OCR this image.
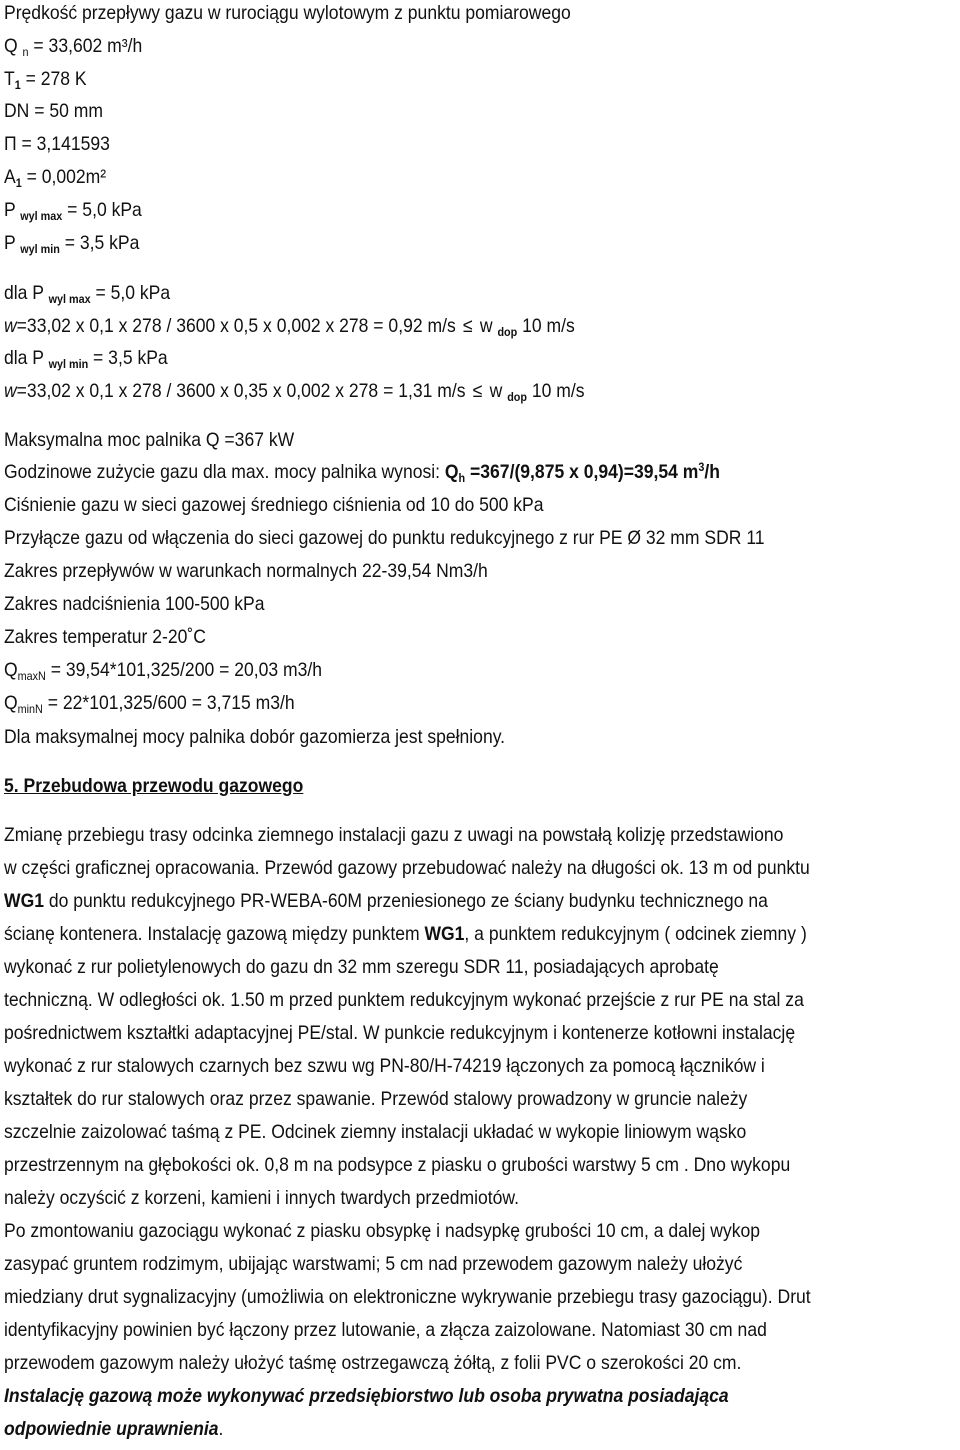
Prędkość przepływy gazu w rurociągu wylotowym z punktu pomiarowego
Q $_n$ = 33,602 m³/h
$T_1 = 278$ K
DN = 50 mm
Π = 3,141593
$A_1 = 0,002m^2$
P $_{wyl max}$ = 5,0 kPa
P $_{wyl min}$ = 3,5 kPa
dla P $_{wyl max}$ = 5,0 kPa
w=33,02 x 0,1 x 278 / 3600 x 0,5 x 0,002 x 278 = 0,92 m/s ≤ w $_{dop}$ 10 m/s
dla P $_{wyl min}$ = 3,5 kPa
w=33,02 x 0,1 x 278 / 3600 x 0,35 x 0,002 x 278 = 1,31 m/s ≤ w $_{dop}$ 10 m/s
Maksymalna moc palnika Q =367 kW
Godzinowe zużycie gazu dla max. mocy palnika wynosi: $Q_h =367/(9,875$ x 0,94)=39,54 $m^3/h$
Ciśnienie gazu w sieci gazowej średniego ciśnienia od 10 do 500 kPa
Przyłącze gazu od włączenia do sieci gazowej do punktu redukcyjnego z rur PE Ø 32 mm SDR 11
Zakres przepływów w warunkach normalnych 22-39,54 Nm3/h
Zakres nadciśnienia 100-500 kPa
Zakres temperatur 2-20˚C
$Q_{maxN} = 39,54*101,325/200 = 20,03$ m3/h
$Q_{minN} = 22*101,325/600 = 3,715$ m3/h
Dla maksymalnej mocy palnika dobór gazomierza jest spełniony.
5. Przebudowa przewodu gazowego
Zmianę przebiegu trasy odcinka ziemnego instalacji gazu z uwagi na powstałą kolizję przedstawiono
w części graficznej opracowania. Przewód gazowy przebudować należy na długości ok. 13 m od punktu
WG1 do punktu redukcyjnego PR-WEBA-60M przeniesionego ze ściany budynku technicznego na
ścianę kontenera. Instalację gazową między punktem WG1, a punktem redukcyjnym ( odcinek ziemny )
wykonać z rur polietylenowych do gazu dn 32 mm szeregu SDR 11, posiadających aprobatę
techniczną. W odległości ok. 1.50 m przed punktem redukcyjnym wykonać przejście z rur PE na stal za
pośrednictwem kształtki adaptacyjnej PE/stal. W punkcie redukcyjnym i kontenerze kotłowni instalację
wykonać z rur stalowych czarnych bez szwu wg PN-80/H-74219 łączonych za pomocą łączników i
kształtek do rur stalowych oraz przez spawanie. Przewód stalowy prowadzony w gruncie należy
szczelnie zaizolować taśmą z PE. Odcinek ziemny instalacji układać w wykopie liniowym wąsko
przestrzennym na głębokości ok. 0,8 m na podsypce z piasku o grubości warstwy 5 cm . Dno wykopu
należy oczyścić z korzeni, kamieni i innych twardych przedmiotów.
Po zmontowaniu gazociągu wykonać z piasku obsypkę i nadsypkę grubości 10 cm, a dalej wykop
zasypać gruntem rodzimym, ubijając warstwami; 5 cm nad przewodem gazowym należy ułożyć
miedziany drut sygnalizacyjny (umożliwia on elektroniczne wykrywanie przebiegu trasy gazociągu). Drut
identyfikacyjny powinien być łączony przez lutowanie, a złącza zaizolowane. Natomiast 30 cm nad
przewodem gazowym należy ułożyć taśmę ostrzegawczą żółtą, z folii PVC o szerokości 20 cm.
Instalację gazową może wykonywać przedsiębiorstwo lub osoba prywatna posiadająca
odpowiednie uprawnienia.
